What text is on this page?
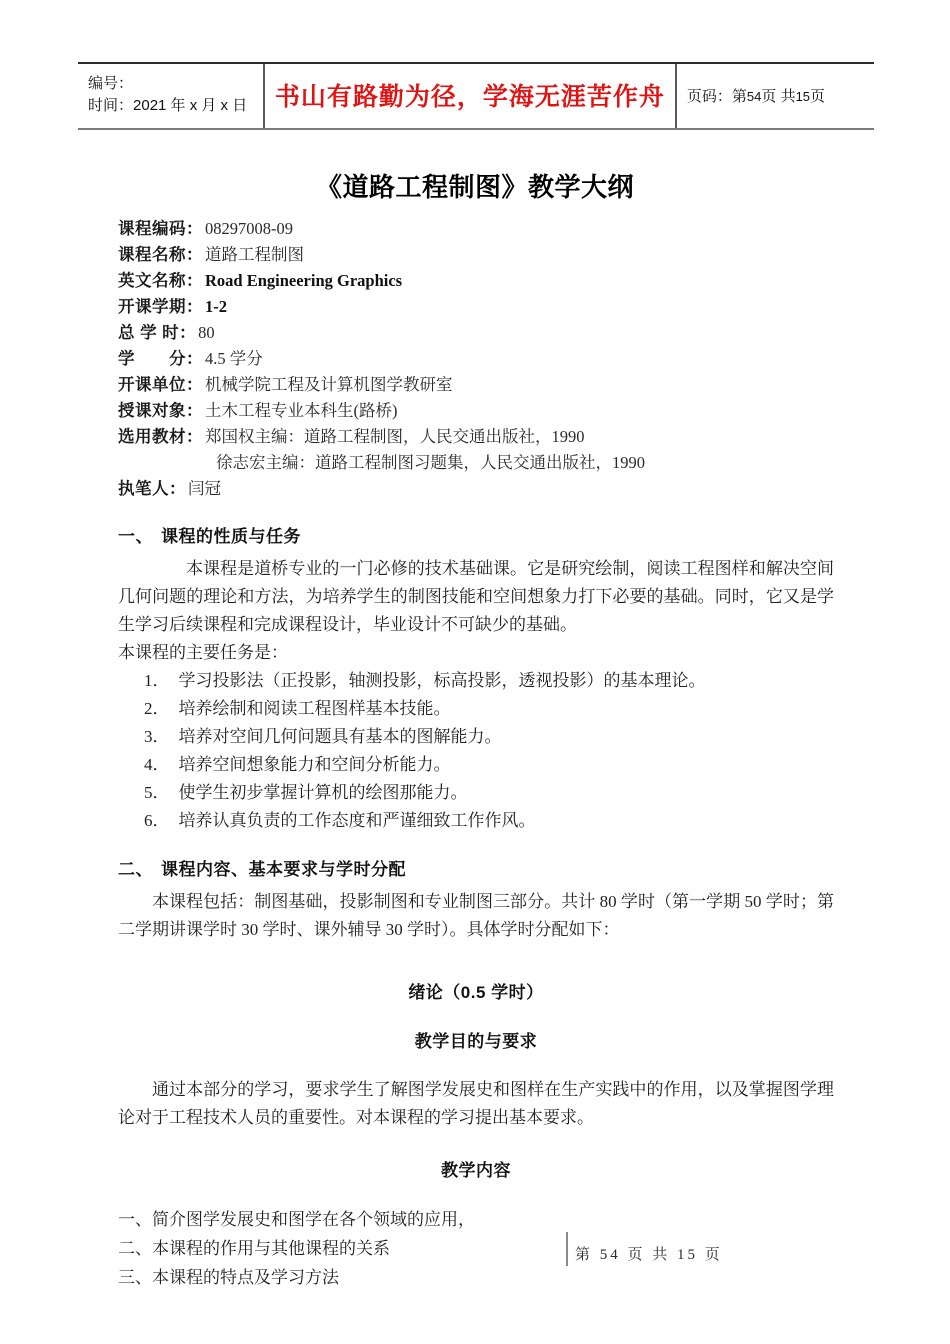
编号：
时间：2021 年 x 月 x 日 书山有路勤为径，学海无涯苦作舟 页码：第54页 共15页
《道路工程制图》教学大纲
课程编码： 08297008-09
课程名称： 道路工程制图
英文名称： Road Engineering Graphics
开课学期： 1-2
总 学 时： 80
学　　分： 4.5 学分
开课单位： 机械学院工程及计算机图学教研室
授课对象： 土木工程专业本科生(路桥)
选用教材： 郑国权主编：道路工程制图，人民交通出版社，1990
徐志宏主编：道路工程制图习题集，人民交通出版社，1990
执笔人： 闫冠
一、 课程的性质与任务

本课程是道桥专业的一门必修的技术基础课。它是研究绘制，阅读工程图样和解决空间几何问题的理论和方法，为培养学生的制图技能和空间想象力打下必要的基础。同时，它又是学生学习后续课程和完成课程设计，毕业设计不可缺少的基础。

本课程的主要任务是：
1． 学习投影法（正投影，轴测投影，标高投影，透视投影）的基本理论。
2． 培养绘制和阅读工程图样基本技能。
3． 培养对空间几何问题具有基本的图解能力。
4． 培养空间想象能力和空间分析能力。
5． 使学生初步掌握计算机的绘图那能力。
6． 培养认真负责的工作态度和严谨细致工作作风。
二、 课程内容、基本要求与学时分配

本课程包括：制图基础，投影制图和专业制图三部分。共计 80 学时（第一学期 50 学时；第二学期讲课学时 30 学时、课外辅导 30 学时）。具体学时分配如下：

绪论（0.5 学时）
教学目的与要求

通过本部分的学习，要求学生了解图学发展史和图样在生产实践中的作用，以及掌握图学理论对于工程技术人员的重要性。对本课程的学习提出基本要求。

教学内容
一、简介图学发展史和图学在各个领域的应用，
二、本课程的作用与其他课程的关系
三、本课程的特点及学习方法
第 54 页 共 15 页
